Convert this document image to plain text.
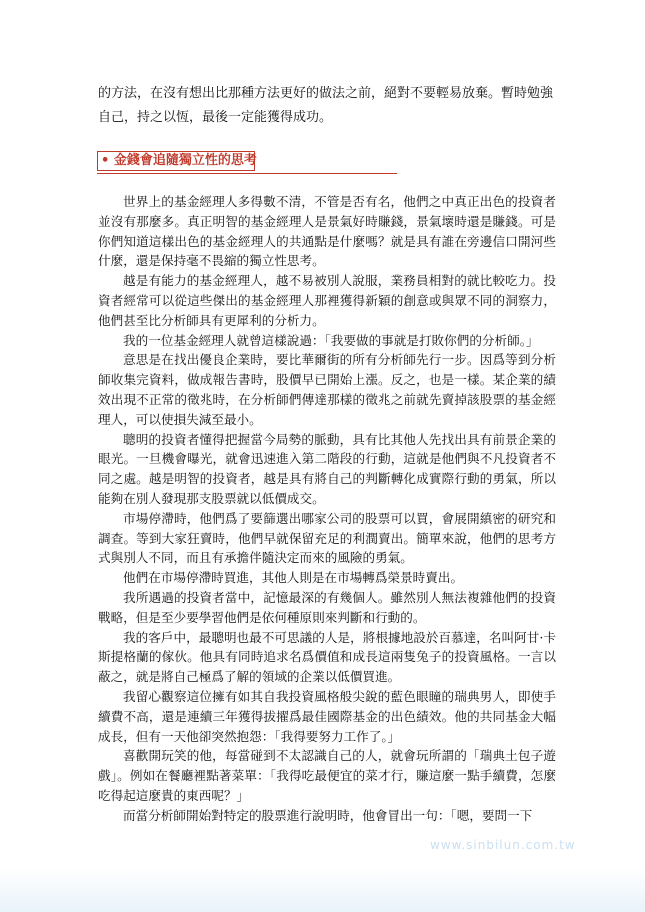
的方法，在沒有想出比那種方法更好的做法之前，絕對不要輕易放棄。暫時勉強自己，持之以恆，最後一定能獲得成功。

• 金錢會追隨獨立性的思考

世界上的基金經理人多得數不清，不管是否有名，他們之中真正出色的投資者並沒有那麼多。真正明智的基金經理人是景氣好時賺錢，景氣壞時還是賺錢。可是你們知道這樣出色的基金經理人的共通點是什麼嗎？就是具有誰在旁邊信口開河些什麼，還是保持毫不畏縮的獨立性思考。

越是有能力的基金經理人，越不易被別人說服，業務員相對的就比較吃力。投資者經常可以從這些傑出的基金經理人那裡獲得新穎的創意或與眾不同的洞察力，他們甚至比分析師具有更犀利的分析力。

我的一位基金經理人就曾這樣說過：「我要做的事就是打敗你們的分析師。」

意思是在找出優良企業時，要比華爾街的所有分析師先行一步。因爲等到分析師收集完資料，做成報告書時，股價早已開始上漲。反之，也是一樣。某企業的績效出現不正常的徵兆時，在分析師們傳達那樣的徵兆之前就先賣掉該股票的基金經理人，可以使損失減至最小。

聰明的投資者懂得把握當今局勢的脈動，具有比其他人先找出具有前景企業的眼光。一旦機會曝光，就會迅速進入第二階段的行動，這就是他們與不凡投資者不同之處。越是明智的投資者，越是具有將自己的判斷轉化成實際行動的勇氣，所以能夠在別人發現那支股票就以低價成交。

市場停滯時，他們爲了要篩選出哪家公司的股票可以買，會展開縝密的研究和調查。等到大家狂賣時，他們早就保留充足的利潤賣出。簡單來說，他們的思考方式與別人不同，而且有承擔伴隨決定而來的風險的勇氣。

他們在市場停滯時買進，其他人則是在市場轉爲榮景時賣出。

我所遇過的投資者當中，記憶最深的有幾個人。雖然別人無法複雜他們的投資戰略，但是至少要學習他們是依何種原則來判斷和行動的。

我的客戶中，最聰明也最不可思議的人是，將根據地設於百慕達，名叫阿甘·卡斯提格蘭的傢伙。他具有同時追求名爲價值和成長這兩隻兔子的投資風格。一言以蔽之，就是將自己極爲了解的領域的企業以低價買進。

我留心觀察這位擁有如其自我投資風格般尖銳的藍色眼瞳的瑞典男人，即使手續費不高，還是連續三年獲得拔擢爲最佳國際基金的出色績效。他的共同基金大幅成長，但有一天他卻突然抱怨：「我得要努力工作了。」

喜歡開玩笑的他，每當碰到不太認識自己的人，就會玩所謂的「瑞典土包子遊戲」。例如在餐廳裡點著菜單：「我得吃最便宜的菜才行，賺這麼一點手續費，怎麼吃得起這麼貴的東西呢？」

而當分析師開始對特定的股票進行說明時，他會冒出一句：「嗯，要問一下

www.sinbilun.com.tw
